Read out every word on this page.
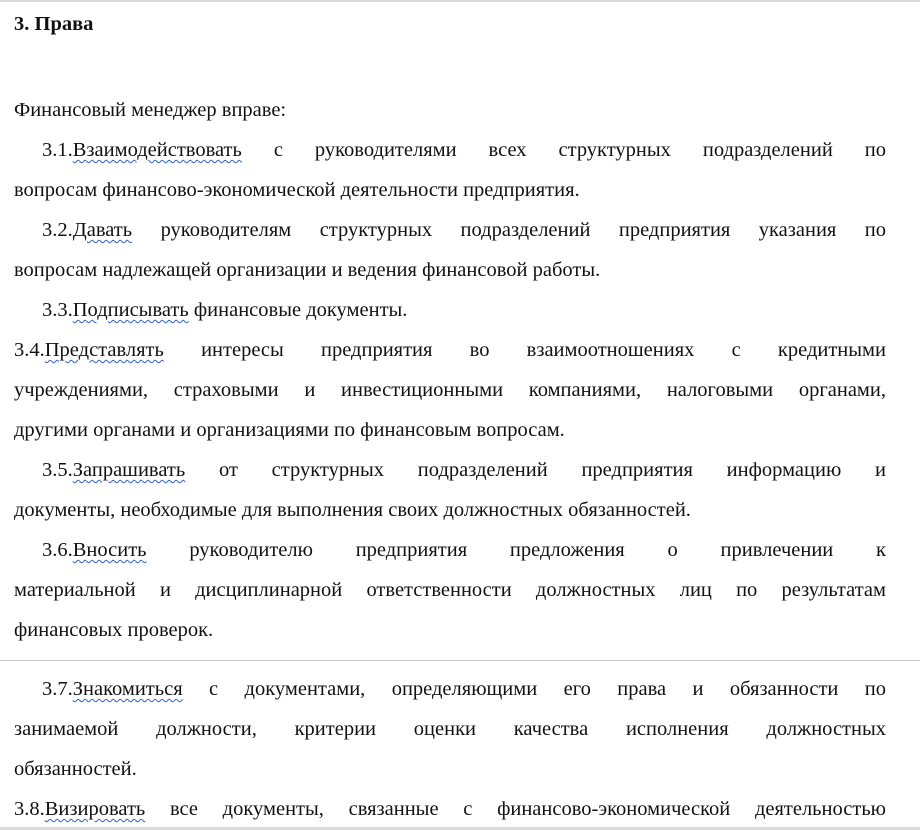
3. Права

Финансовый менеджер вправе:

3.1.Взаимодействовать с руководителями всех структурных подразделений по
вопросам финансово-экономической деятельности предприятия.
3.2.Давать руководителям структурных подразделений предприятия указания по
вопросам надлежащей организации и ведения финансовой работы.
3.3.Подписывать финансовые документы.
3.4.Представлять интересы предприятия во взаимоотношениях с кредитными
учреждениями, страховыми и инвестиционными компаниями, налоговыми органами,
другими органами и организациями по финансовым вопросам.
3.5.Запрашивать от структурных подразделений предприятия информацию и
документы, необходимые для выполнения своих должностных обязанностей.
3.6.Вносить руководителю предприятия предложения о привлечении к
материальной и дисциплинарной ответственности должностных лиц по результатам
финансовых проверок.
3.7.Знакомиться с документами, определяющими его права и обязанности по
занимаемой должности, критерии оценки качества исполнения должностных
обязанностей.
3.8.Визировать все документы, связанные с финансово-экономической деятельностью
